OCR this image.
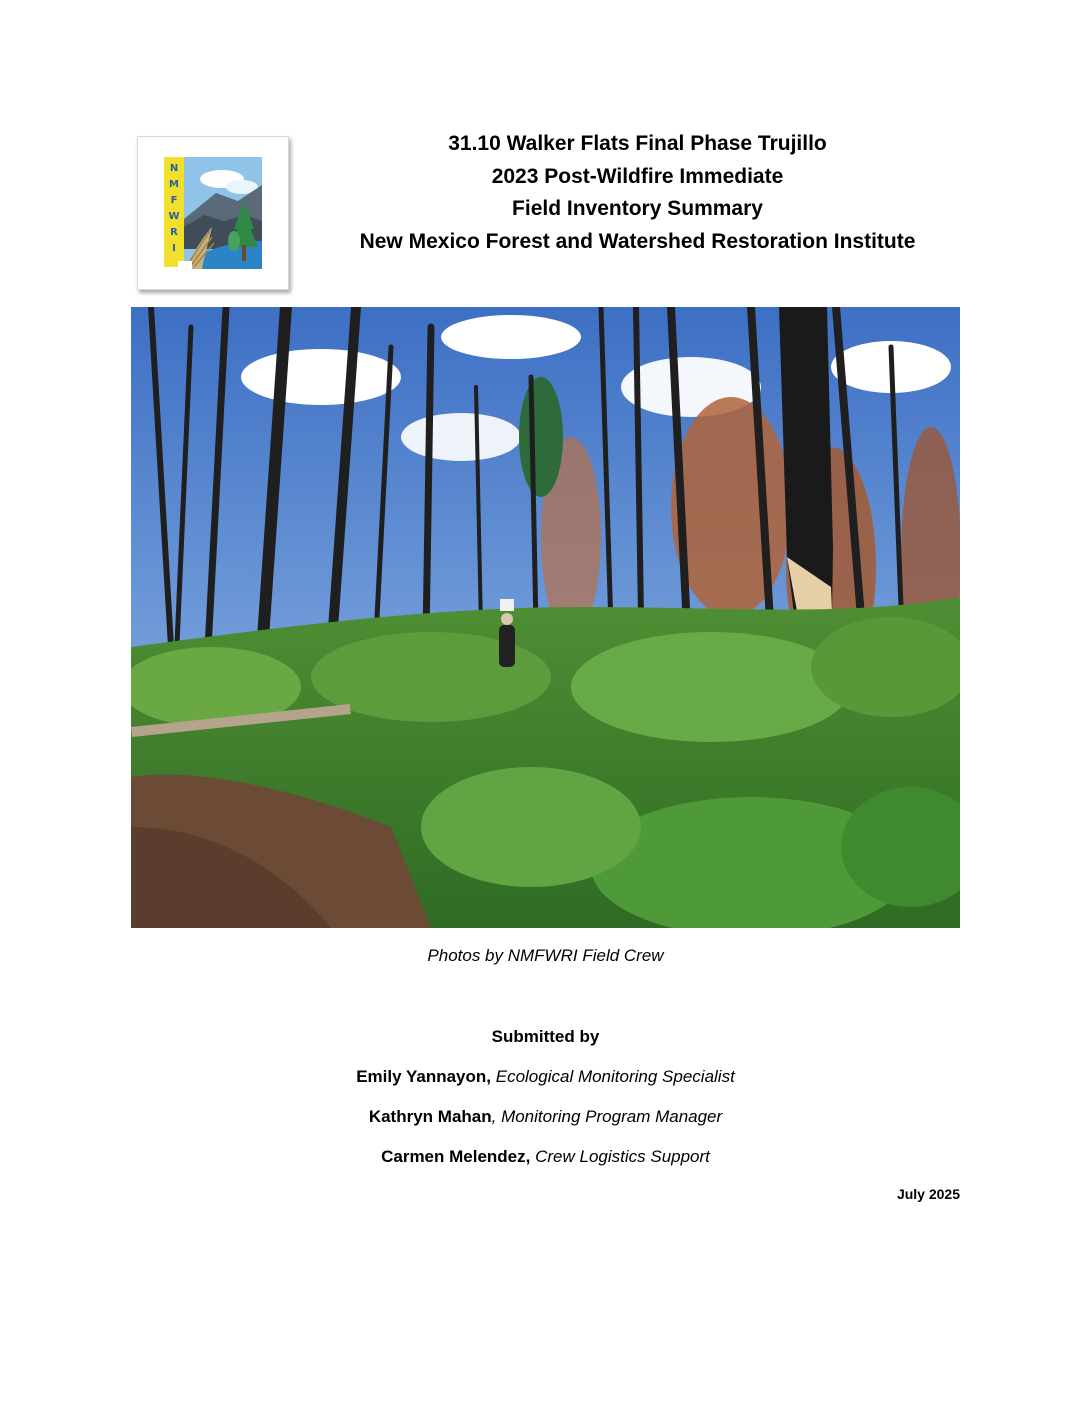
N
M
F
W
R
I
31.10 Walker Flats Final Phase Trujillo
2023 Post-Wildfire Immediate
Field Inventory Summary
New Mexico Forest and Watershed Restoration Institute
Photos by NMFWRI Field Crew
Submitted by
Emily Yannayon, Ecological Monitoring Specialist
Kathryn Mahan, Monitoring Program Manager
Carmen Melendez, Crew Logistics Support
July 2025
